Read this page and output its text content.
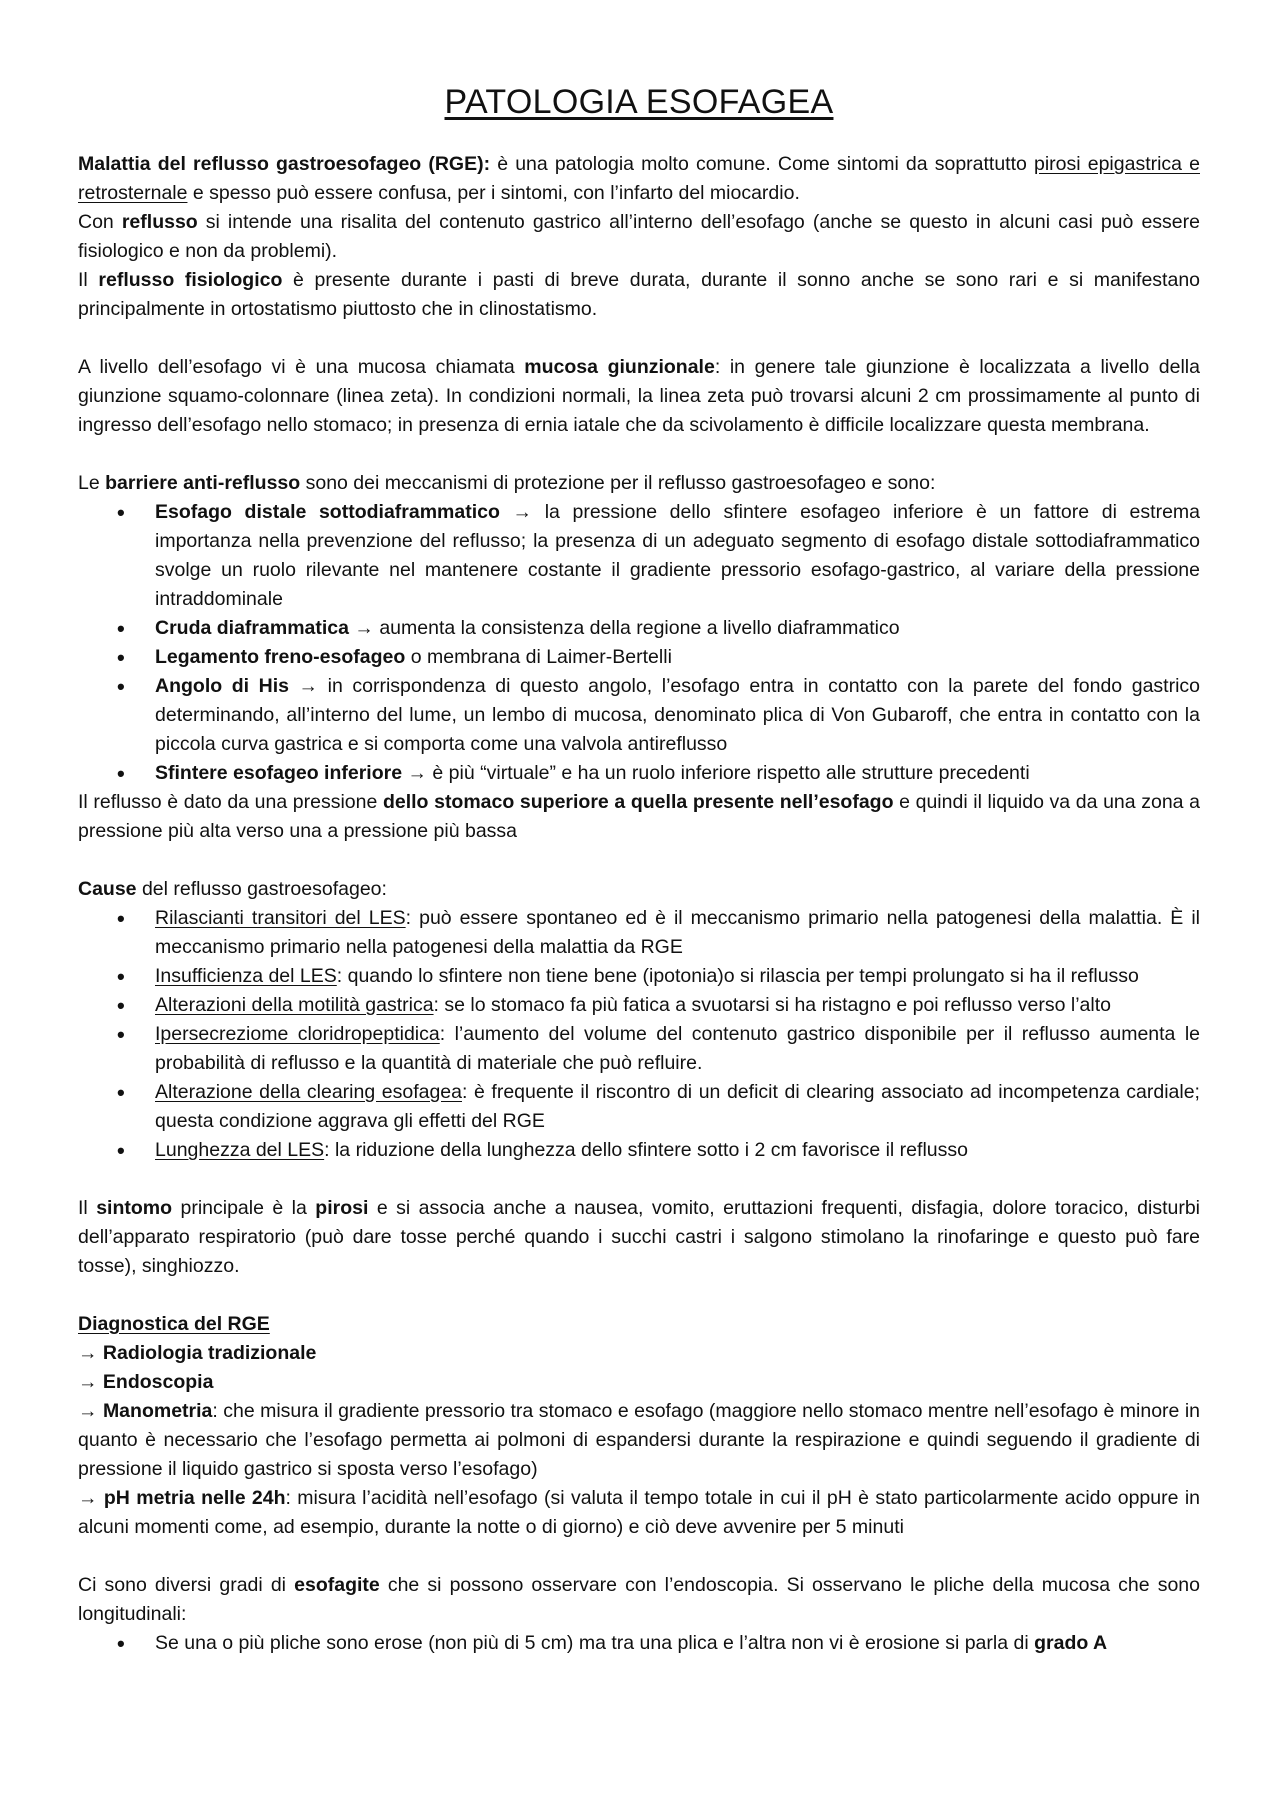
PATOLOGIA ESOFAGEA

Malattia del reflusso gastroesofageo (RGE): è una patologia molto comune. Come sintomi da soprattutto pirosi epigastrica e retrosternale e spesso può essere confusa, per i sintomi, con l’infarto del miocardio.

Con reflusso si intende una risalita del contenuto gastrico all’interno dell’esofago (anche se questo in alcuni casi può essere fisiologico e non da problemi).

Il reflusso fisiologico è presente durante i pasti di breve durata, durante il sonno anche se sono rari e si manifestano principalmente in ortostatismo piuttosto che in clinostatismo.

A livello dell’esofago vi è una mucosa chiamata mucosa giunzionale: in genere tale giunzione è localizzata a livello della giunzione squamo-colonnare (linea zeta). In condizioni normali, la linea zeta può trovarsi alcuni 2 cm prossimamente al punto di ingresso dell’esofago nello stomaco; in presenza di ernia iatale che da scivolamento è difficile localizzare questa membrana.

Le barriere anti-reflusso sono dei meccanismi di protezione per il reflusso gastroesofageo e sono:

• Esofago distale sottodiaframmatico → la pressione dello sfintere esofageo inferiore è un fattore di estrema importanza nella prevenzione del reflusso; la presenza di un adeguato segmento di esofago distale sottodiaframmatico svolge un ruolo rilevante nel mantenere costante il gradiente pressorio esofago-gastrico, al variare della pressione intraddominale
• Cruda diaframmatica → aumenta la consistenza della regione a livello diaframmatico
• Legamento freno-esofageo o membrana di Laimer-Bertelli
• Angolo di His → in corrispondenza di questo angolo, l’esofago entra in contatto con la parete del fondo gastrico determinando, all’interno del lume, un lembo di mucosa, denominato plica di Von Gubaroff, che entra in contatto con la piccola curva gastrica e si comporta come una valvola antireflusso
• Sfintere esofageo inferiore → è più “virtuale” e ha un ruolo inferiore rispetto alle strutture precedenti

Il reflusso è dato da una pressione dello stomaco superiore a quella presente nell’esofago e quindi il liquido va da una zona a pressione più alta verso una a pressione più bassa

Cause del reflusso gastroesofageo:

• Rilascianti transitori del LES: può essere spontaneo ed è il meccanismo primario nella patogenesi della malattia. È il meccanismo primario nella patogenesi della malattia da RGE
• Insufficienza del LES: quando lo sfintere non tiene bene (ipotonia)o si rilascia per tempi prolungato si ha il reflusso
• Alterazioni della motilità gastrica: se lo stomaco fa più fatica a svuotarsi si ha ristagno e poi reflusso verso l’alto
• Ipersecreziome cloridropeptidica: l’aumento del volume del contenuto gastrico disponibile per il reflusso aumenta le probabilità di reflusso e la quantità di materiale che può refluire.
• Alterazione della clearing esofagea: è frequente il riscontro di un deficit di clearing associato ad incompetenza cardiale; questa condizione aggrava gli effetti del RGE
• Lunghezza del LES: la riduzione della lunghezza dello sfintere sotto i 2 cm favorisce il reflusso

Il sintomo principale è la pirosi e si associa anche a nausea, vomito, eruttazioni frequenti, disfagia, dolore toracico, disturbi dell’apparato respiratorio (può dare tosse perché quando i succhi castri i salgono stimolano la rinofaringe e questo può fare tosse), singhiozzo.

Diagnostica del RGE

→ Radiologia tradizionale

→ Endoscopia

→ Manometria: che misura il gradiente pressorio tra stomaco e esofago (maggiore nello stomaco mentre nell’esofago è minore in quanto è necessario che l’esofago permetta ai polmoni di espandersi durante la respirazione e quindi seguendo il gradiente di pressione il liquido gastrico si sposta verso l’esofago)

→ pH metria nelle 24h: misura l’acidità nell’esofago (si valuta il tempo totale in cui il pH è stato particolarmente acido oppure in alcuni momenti come, ad esempio, durante la notte o di giorno) e ciò deve avvenire per 5 minuti

Ci sono diversi gradi di esofagite che si possono osservare con l’endoscopia. Si osservano le pliche della mucosa che sono longitudinali:

• Se una o più pliche sono erose (non più di 5 cm) ma tra una plica e l’altra non vi è erosione si parla di grado A
